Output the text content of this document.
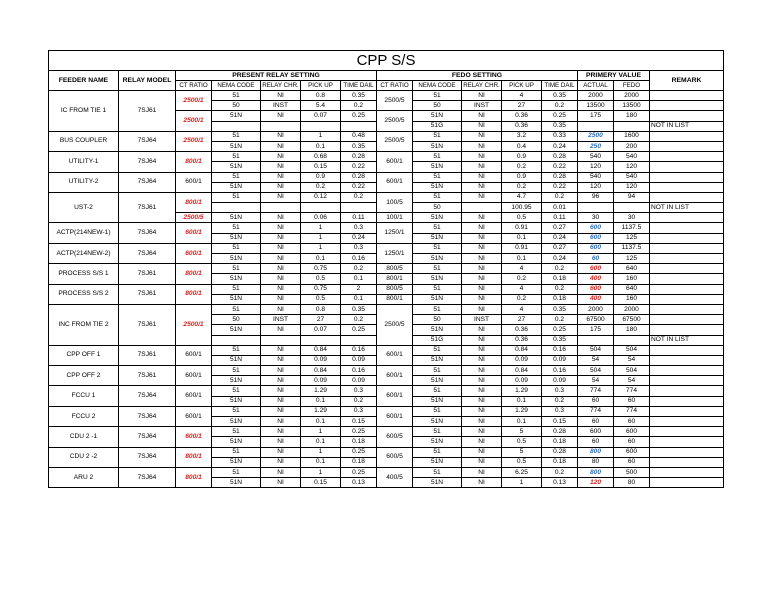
CPP S/S														
FEEDER NAME	RELAY MODEL	PRESENT RELAY SETTING					FEDO SETTING					PRIMERY VALUE		REMARK
		CT RATIO	NEMA CODE	RELAY CHR.	PICK UP	TIME DAIL	CT RATIO	NEMA CODE	RELAY CHR.	PICK UP	TIME DAIL	ACTUAL	FEDO	
IC FROM TIE 1	7SJ61	2500/1	51	NI	0.8	0.35	2500/5	51	NI	4	0.35	2000	2000	
			50	INST	5.4	0.2		50	INST	27	0.2	13500	13500	
		2500/1	51N	NI	0.07	0.25	2500/5	51N	NI	0.36	0.25	175	180	
								51G	NI	0.36	0.35			NOT IN LIST
BUS COUPLER	7SJ64	2500/1	51	NI	1	0.48	2500/5	51	NI	3.2	0.33	2500	1600	
			51N	NI	0.1	0.35		51N	NI	0.4	0.24	250	200	
UTILITY-1	7SJ64	800/1	51	NI	0.68	0.28	600/1	51	NI	0.9	0.28	540	540	
			51N	NI	0.15	0.22		51N	NI	0.2	0.22	120	120	
UTILITY-2	7SJ64	600/1	51	NI	0.9	0.28	600/1	51	NI	0.9	0.28	540	540	
			51N	NI	0.2	0.22		51N	NI	0.2	0.22	120	120	
UST-2	7SJ61	800/1	51	NI	0.12	0.2	100/5	51	NI	4.7	0.2	96	94	
								50		100.95	0.01			NOT IN LIST
		2500/5	51N	NI	0.06	0.11	100/1	51N	NI	0.5	0.11	30	30	
ACTP(214NEW-1)	7SJ64	600/1	51	NI	1	0.3	1250/1	51	NI	0.91	0.27	600	1137.5	
			51N	NI	1	0.24		51N	NI	0.1	0.24	600	125	
ACTP(214NEW-2)	7SJ64	600/1	51	NI	1	0.3	1250/1	51	NI	0.91	0.27	600	1137.5	
			51N	NI	0.1	0.16		51N	NI	0.1	0.24	60	125	
PROCESS S/S 1	7SJ61	800/1	51	NI	0.75	0.2	800/5	51	NI	4	0.2	600	640	
			51N	NI	0.5	0.1	800/1	51N	NI	0.2	0.18	400	160	
PROCESS S/S 2	7SJ61	800/1	51	NI	0.75	2	800/5	51	NI	4	0.2	600	640	
			51N	NI	0.5	0.1	800/1	51N	NI	0.2	0.18	400	160	
INC FROM TIE 2	7SJ61	2500/1	51	NI	0.8	0.35	2500/5	51	NI	4	0.35	2000	2000	
			50	INST	27	0.2		50	INST	27	0.2	67500	67500	
			51N	NI	0.07	0.25		51N	NI	0.36	0.25	175	180	
								51G	NI	0.36	0.35			NOT IN LIST
CPP OFF 1	7SJ61	600/1	51	NI	0.84	0.16	600/1	51	NI	0.84	0.16	504	504	
			51N	NI	0.09	0.09		51N	NI	0.09	0.09	54	54	
CPP OFF 2	7SJ61	600/1	51	NI	0.84	0.16	600/1	51	NI	0.84	0.16	504	504	
			51N	NI	0.09	0.09		51N	NI	0.09	0.09	54	54	
FCCU 1	7SJ64	600/1	51	NI	1.29	0.3	600/1	51	NI	1.29	0.3	774	774	
			51N	NI	0.1	0.2		51N	NI	0.1	0.2	60	60	
FCCU 2	7SJ64	600/1	51	NI	1.29	0.3	600/1	51	NI	1.29	0.3	774	774	
			51N	NI	0.1	0.15		51N	NI	0.1	0.15	60	60	
CDU 2 -1	7SJ64	600/1	51	NI	1	0.25	600/5	51	NI	5	0.28	600	600	
			51N	NI	0.1	0.18		51N	NI	0.5	0.18	60	60	
CDU 2 -2	7SJ64	800/1	51	NI	1	0.25	600/5	51	NI	5	0.28	800	600	
			51N	NI	0.1	0.18		51N	NI	0.5	0.18	80	60	
ARU 2	7SJ64	800/1	51	NI	1	0.25	400/5	51	NI	6.25	0.2	800	500	
			51N	NI	0.15	0.13		51N	NI	1	0.13	120	80	
